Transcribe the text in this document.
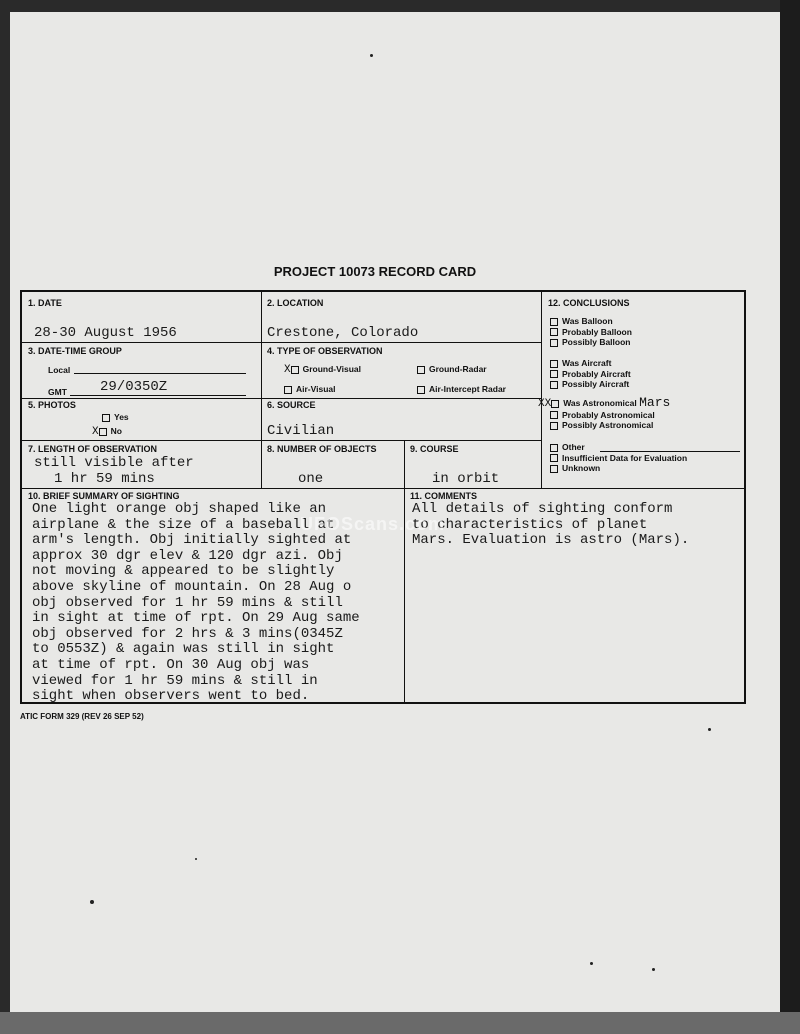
PROJECT 10073 RECORD CARD
1. DATE
28-30 August 1956
2. LOCATION
Crestone, Colorado
3. DATE-TIME GROUP
Local
GMT 29/0350Z
4. TYPE OF OBSERVATION
X Ground-Visual	Ground-Radar
Air-Visual	Air-Intercept Radar
5. PHOTOS
Yes
X No
6. SOURCE
Civilian
7. LENGTH OF OBSERVATION
still visible after
1 hr 59 mins
8. NUMBER OF OBJECTS
one
9. COURSE
in orbit
10. BRIEF SUMMARY OF SIGHTING
One light orange obj shaped like an
airplane & the size of a baseball at
arm's length. Obj initially sighted at
approx 30 dgr elev & 120 dgr azi. Obj
not moving & appeared to be slightly
above skyline of mountain. On 28 Aug o
obj observed for 1 hr 59 mins & still
in sight at time of rpt. On 29 Aug same
obj observed for 2 hrs & 3 mins(0345Z
to 0553Z) & again was still in sight
at time of rpt. On 30 Aug obj was
viewed for 1 hr 59 mins & still in
sight when observers went to bed.
11. COMMENTS
All details of sighting conform
to characteristics of planet
Mars. Evaluation is astro (Mars).
12. CONCLUSIONS
Was Balloon
Probably Balloon
Possibly Balloon
Was Aircraft
Probably Aircraft
Possibly Aircraft
XX Was Astronomical Mars
Probably Astronomical
Possibly Astronomical
Other
Insufficient Data for Evaluation
Unknown
UFOScans.com
ATIC FORM 329 (REV 26 SEP 52)
